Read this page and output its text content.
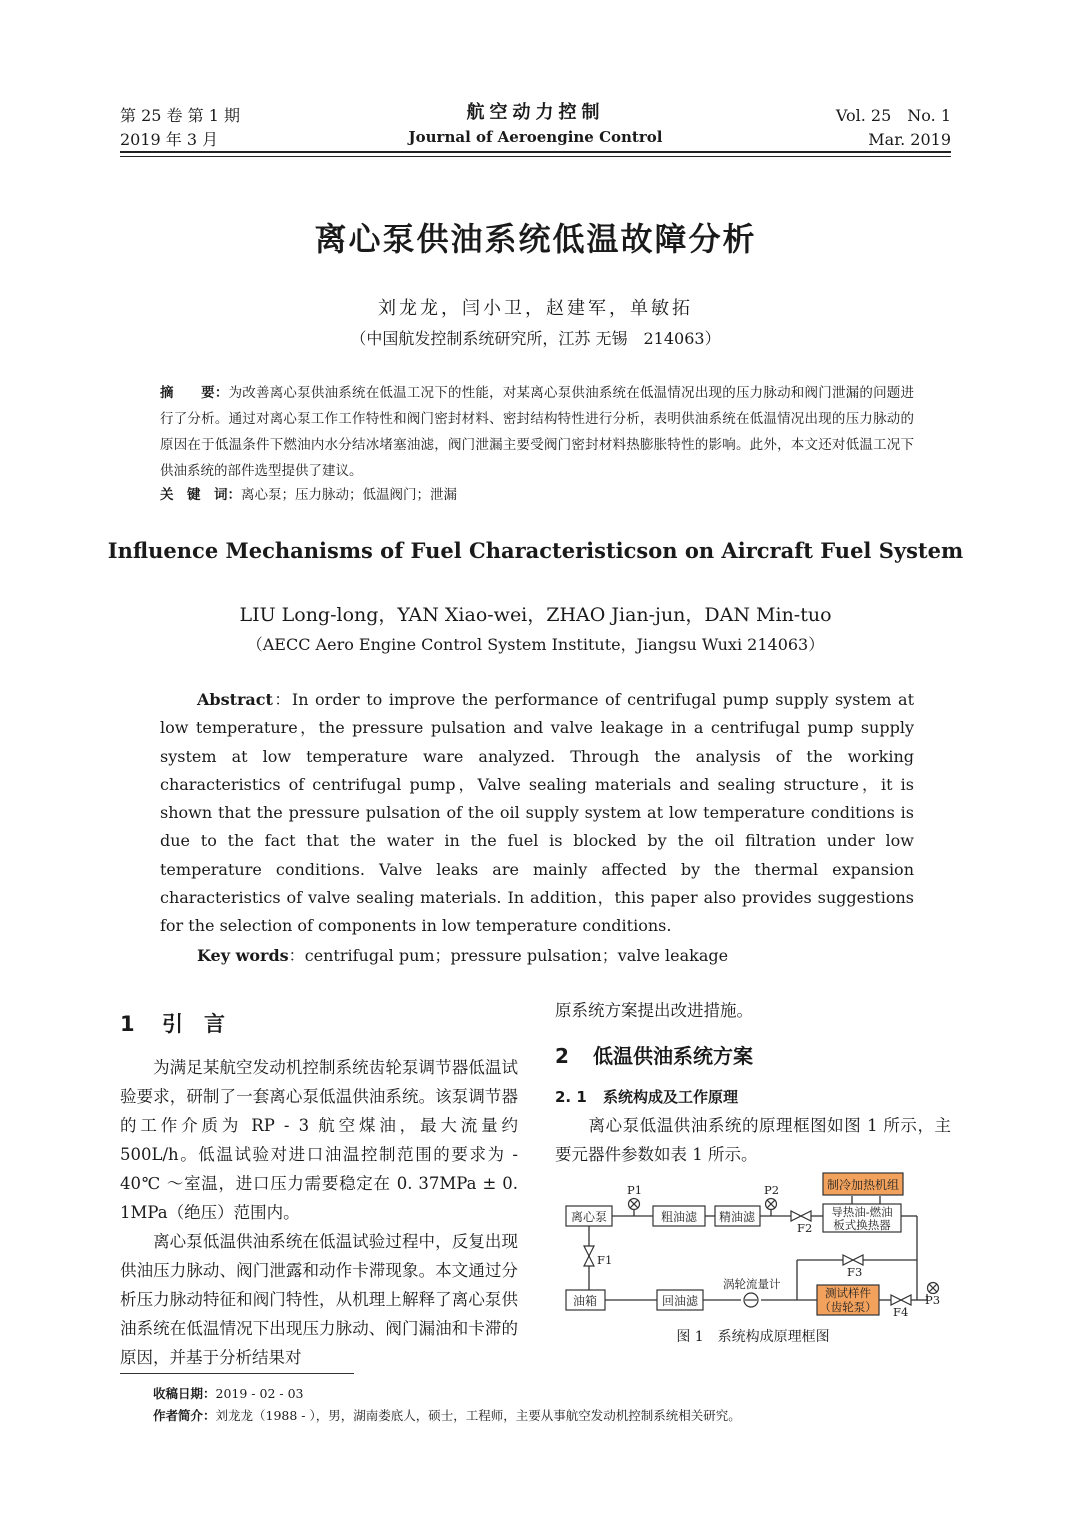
第 25 卷 第 1 期
2019 年 3 月
航空动力控制
Journal of Aeroengine Control
Vol. 25　No. 1
Mar. 2019
离心泵供油系统低温故障分析
刘龙龙，闫小卫，赵建军，单敏拓
（中国航发控制系统研究所，江苏 无锡　214063）
摘　　要：为改善离心泵供油系统在低温工况下的性能，对某离心泵供油系统在低温情况出现的压力脉动和阀门泄漏的问题进行了分析。通过对离心泵工作工作特性和阀门密封材料、密封结构特性进行分析，表明供油系统在低温情况出现的压力脉动的原因在于低温条件下燃油内水分结冰堵塞油滤，阀门泄漏主要受阀门密封材料热膨胀特性的影响。此外，本文还对低温工况下供油系统的部件选型提供了建议。
关　键　词：离心泵；压力脉动；低温阀门；泄漏
Influence Mechanisms of Fuel Characteristicson on Aircraft Fuel System
LIU Long-long，YAN Xiao-wei，ZHAO Jian-jun，DAN Min-tuo
（AECC Aero Engine Control System Institute，Jiangsu Wuxi 214063）
Abstract：In order to improve the performance of centrifugal pump supply system at low temperature，the pressure pulsation and valve leakage in a centrifugal pump supply system at low temperature ware analyzed. Through the analysis of the working characteristics of centrifugal pump，Valve sealing materials and sealing structure，it is shown that the pressure pulsation of the oil supply system at low temperature conditions is due to the fact that the water in the fuel is blocked by the oil filtration under low temperature conditions. Valve leaks are mainly affected by the thermal expansion characteristics of valve sealing materials. In addition，this paper also provides suggestions for the selection of components in low temperature conditions.
Key words：centrifugal pum；pressure pulsation；valve leakage
1 引　言
为满足某航空发动机控制系统齿轮泵调节器低温试验要求，研制了一套离心泵低温供油系统。该泵调节器的工作介质为 RP - 3 航空煤油，最大流量约 500L/h。低温试验对进口油温控制范围的要求为 - 40℃ ～室温，进口压力需要稳定在 0. 37MPa ± 0. 1MPa（绝压）范围内。
离心泵低温供油系统在低温试验过程中，反复出现供油压力脉动、阀门泄露和动作卡滞现象。本文通过分析压力脉动特征和阀门特性，从机理上解释了离心泵供油系统在低温情况下出现压力脉动、阀门漏油和卡滞的原因，并基于分析结果对
原系统方案提出改进措施。
2 低温供油系统方案
2. 1 系统构成及工作原理
离心泵低温供油系统的原理框图如图 1 所示，主要元器件参数如表 1 所示。
离心泵	粗油滤 精油滤
制冷加热机组
导热油-燃油
板式换热器
油箱	回油滤
测试样件
（齿轮泵）
P1	P2
P3
F1
F2
F3
F4
涡轮流量计
图 1　系统构成原理框图
收稿日期：2019 - 02 - 03
作者简介：刘龙龙（1988 - ），男，湖南娄底人，硕士，工程师，主要从事航空发动机控制系统相关研究。
